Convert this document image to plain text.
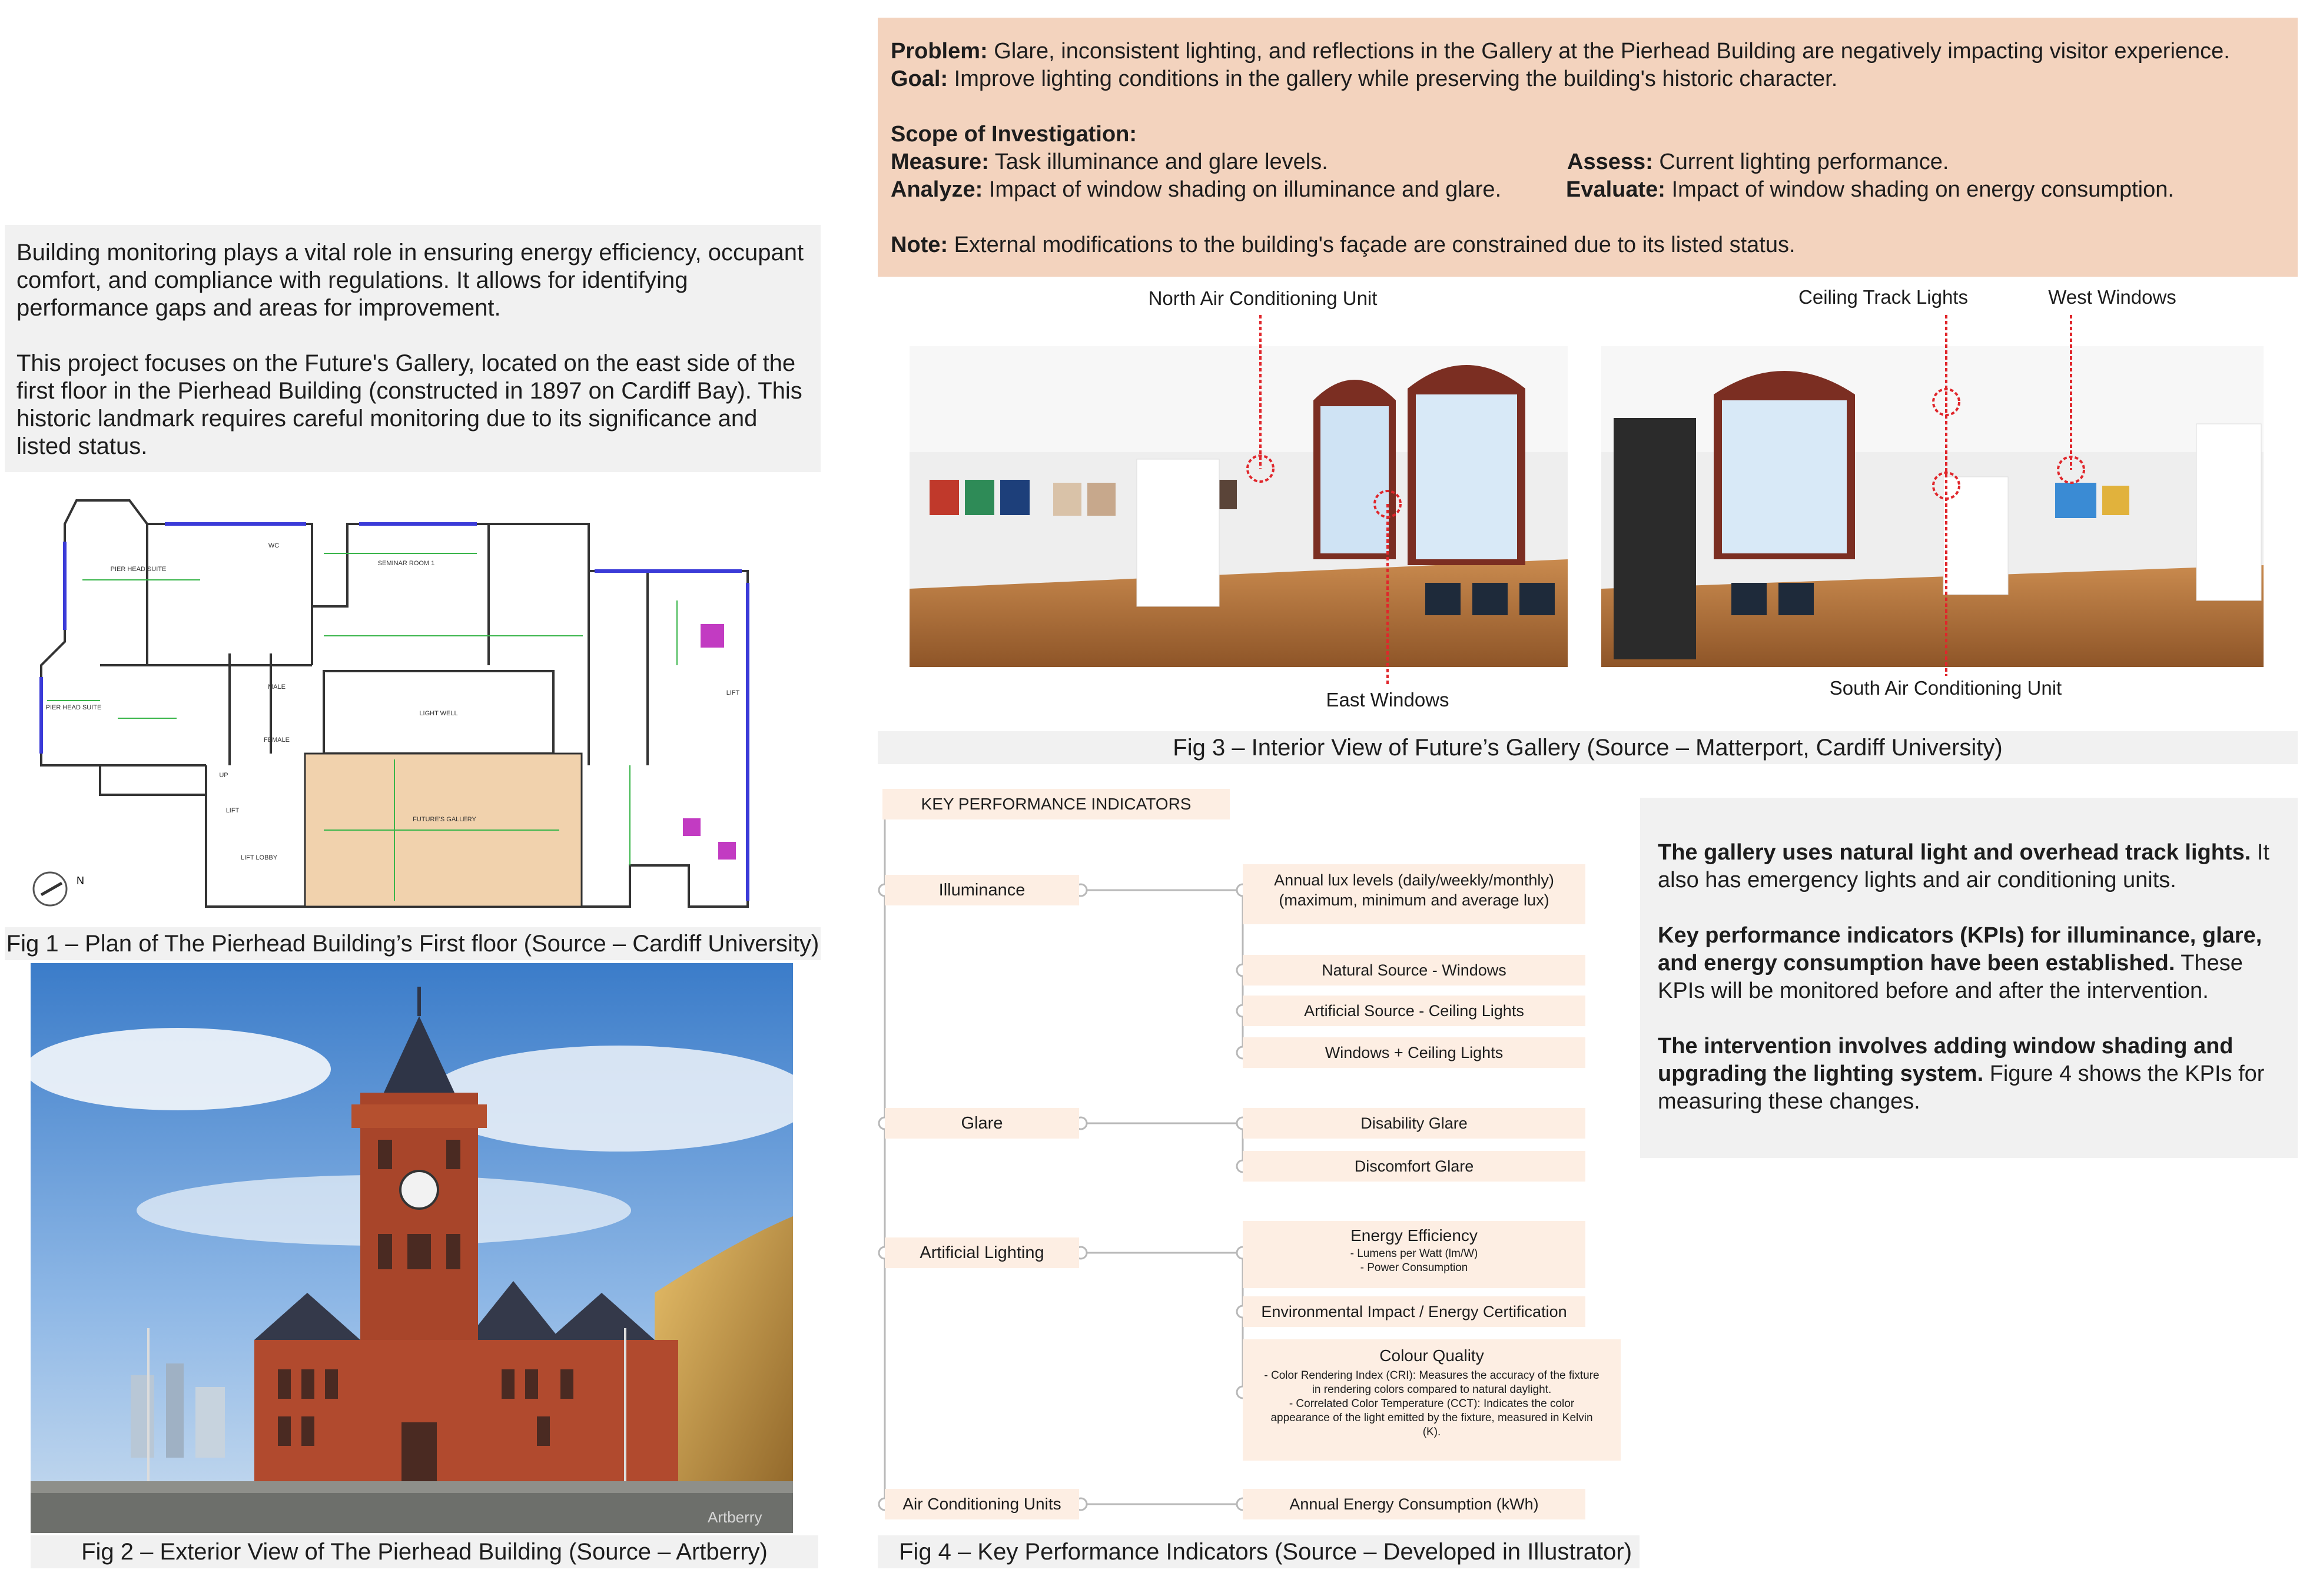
Problem: Glare, inconsistent lighting, and reflections in the Gallery at the Pierhead Building are negatively impacting visitor experience.
Goal: Improve lighting conditions in the gallery while preserving the building's historic character.
Scope of Investigation:
Measure: Task illuminance and glare levels.	Assess: Current lighting performance.
Analyze: Impact of window shading on illuminance and glare.	Evaluate: Impact of window shading on energy consumption.
Note: External modifications to the building's façade are constrained due to its listed status.

Building monitoring plays a vital role in ensuring energy efficiency, occupant comfort, and compliance with regulations. It allows for identifying performance gaps and areas for improvement.

This project focuses on the Future's Gallery, located on the east side of the first floor in the Pierhead Building (constructed in 1897 on Cardiff Bay). This historic landmark requires careful monitoring due to its significance and listed status.

PIER HEAD SUITE
SEMINAR ROOM 1
LIGHT WELL
FUTURE'S GALLERY
PIER HEAD SUITE
LIFT
LIFT LOBBY
WC
MALE
FEMALE
UP
LIFT
N
Fig 1 – Plan of The Pierhead Building’s First floor (Source – Cardiff University)
Artberry
Fig 2 – Exterior View of The Pierhead Building (Source – Artberry)
North Air Conditioning Unit
East Windows
Ceiling Track Lights	West Windows
South Air Conditioning Unit
Fig 3 – Interior View of Future’s Gallery (Source – Matterport, Cardiff University)
KEY PERFORMANCE INDICATORS
Illuminance
Glare
Artificial Lighting
Air Conditioning Units
Annual lux levels (daily/weekly/monthly)
(maximum, minimum and average lux)
Natural Source - Windows
Artificial Source - Ceiling Lights
Windows + Ceiling Lights
Disability Glare
Discomfort Glare
Energy Efficiency
- Lumens per Watt (lm/W)
- Power Consumption
Environmental Impact / Energy Certification
Colour Quality
- Color Rendering Index (CRI): Measures the accuracy of the fixture in rendering colors compared to natural daylight.
- Correlated Color Temperature (CCT): Indicates the color appearance of the light emitted by the fixture, measured in Kelvin (K).
Annual Energy Consumption (kWh)
Fig 4 – Key Performance Indicators (Source – Developed in Illustrator)

The gallery uses natural light and overhead track lights. It also has emergency lights and air conditioning units.

Key performance indicators (KPIs) for illuminance, glare, and energy consumption have been established. These KPIs will be monitored before and after the intervention.

The intervention involves adding window shading and upgrading the lighting system. Figure 4 shows the KPIs for measuring these changes.
